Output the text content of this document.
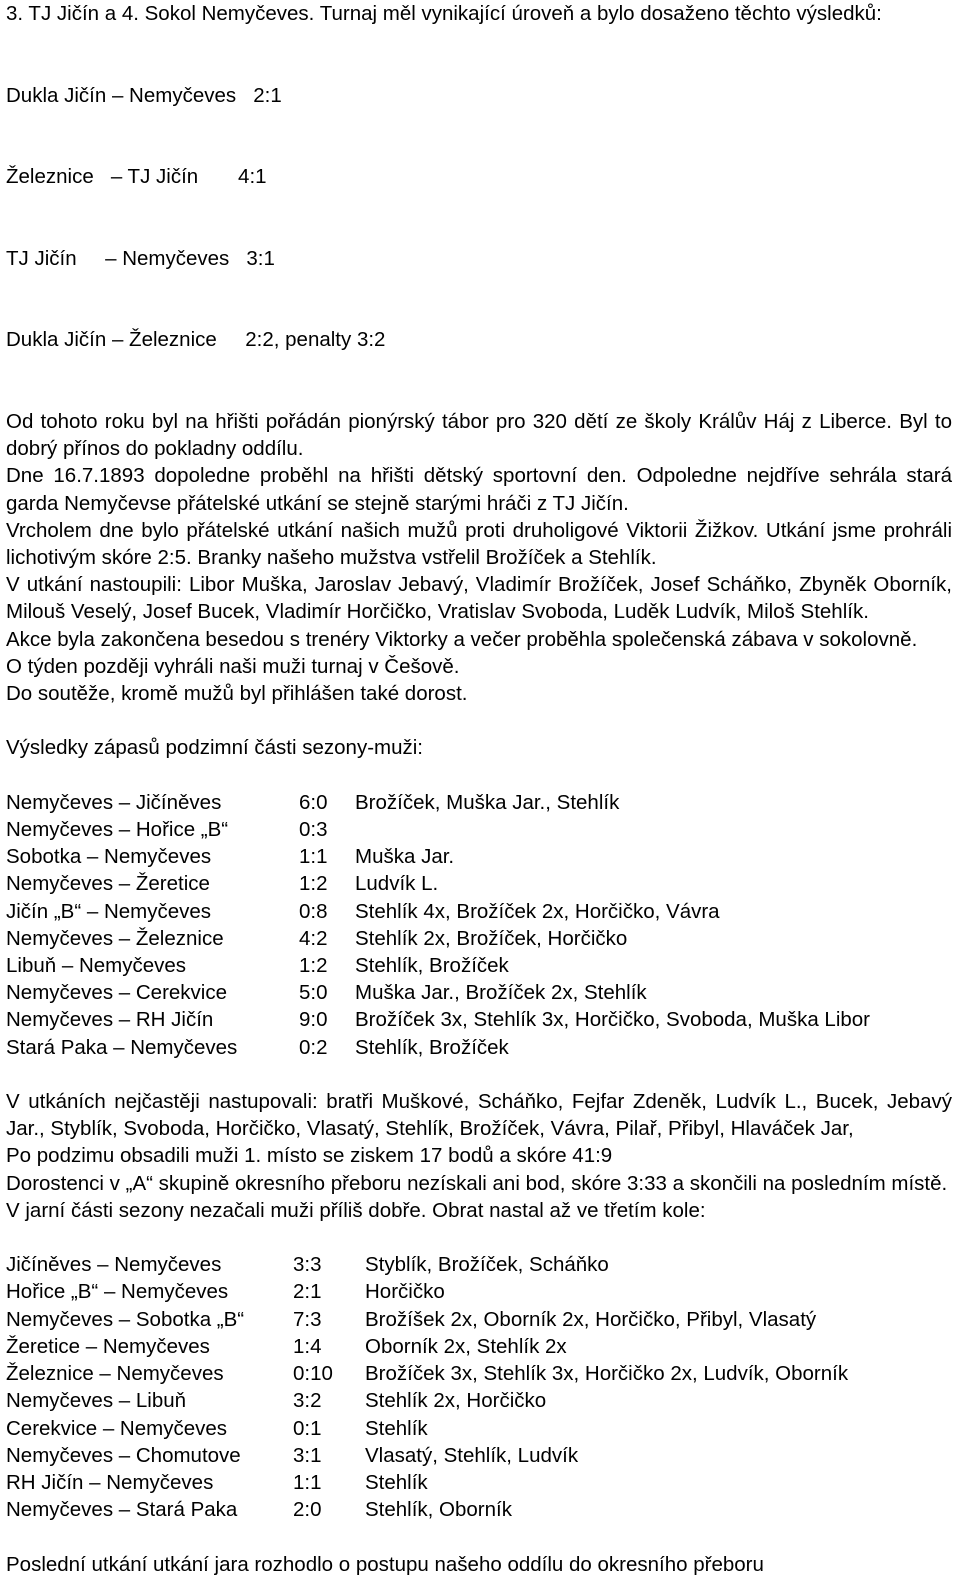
3. TJ Jičín a 4. Sokol Nemyčeves. Turnaj měl vynikající úroveň a bylo dosaženo těchto výsledků:

Dukla Jičín – Nemyčeves   2:1

Železnice   – TJ Jičín       4:1

TJ Jičín     – Nemyčeves   3:1

Dukla Jičín – Železnice     2:2, penalty 3:2

Od tohoto roku byl na hřišti pořádán pionýrský tábor pro 320 dětí ze školy Králův Háj z Liberce. Byl to dobrý přínos do pokladny oddílu.

Dne 16.7.1893 dopoledne proběhl na hřišti dětský sportovní den. Odpoledne nejdříve sehrála stará garda Nemyčevse přátelské utkání se stejně starými hráči z TJ Jičín.

Vrcholem dne bylo přátelské utkání našich mužů proti druholigové Viktorii Žižkov. Utkání jsme prohráli lichotivým skóre 2:5. Branky našeho mužstva vstřelil Brožíček a Stehlík.

V utkání nastoupili: Libor Muška, Jaroslav Jebavý, Vladimír Brožíček, Josef Scháňko, Zbyněk Oborník, Milouš Veselý, Josef Bucek, Vladimír Horčičko, Vratislav Svoboda, Luděk Ludvík, Miloš Stehlík.

Akce byla zakončena besedou s trenéry Viktorky a večer proběhla společenská zábava v sokolovně.

O týden později vyhráli naši muži turnaj v Češově.

Do soutěže, kromě mužů byl přihlášen také dorost.

Výsledky zápasů podzimní části sezony-muži:

Nemyčeves – Jičíněves	6:0	Brožíček, Muška Jar., Stehlík
Nemyčeves – Hořice „B“	0:3	
Sobotka – Nemyčeves	1:1	Muška Jar.
Nemyčeves – Žeretice	1:2	Ludvík L.
Jičín „B“ – Nemyčeves	0:8	Stehlík 4x, Brožíček 2x, Horčičko, Vávra
Nemyčeves – Železnice	4:2	Stehlík 2x, Brožíček, Horčičko
Libuň – Nemyčeves	1:2	Stehlík, Brožíček
Nemyčeves – Cerekvice	5:0	Muška Jar., Brožíček 2x, Stehlík
Nemyčeves – RH Jičín	9:0	Brožíček 3x, Stehlík 3x, Horčičko, Svoboda, Muška Libor
Stará Paka – Nemyčeves	0:2	Stehlík, Brožíček

V utkáních nejčastěji nastupovali: bratři Muškové, Scháňko, Fejfar Zdeněk, Ludvík L., Bucek, Jebavý Jar., Styblík, Svoboda, Horčičko, Vlasatý, Stehlík, Brožíček, Vávra, Pilař, Přibyl, Hlaváček Jar,

Po podzimu obsadili muži 1. místo se ziskem 17 bodů a skóre 41:9

Dorostenci v „A“ skupině okresního přeboru nezískali ani bod, skóre 3:33 a skončili na posledním místě.

V jarní části sezony nezačali muži příliš dobře. Obrat nastal až ve třetím kole:

Jičíněves – Nemyčeves	3:3	Styblík, Brožíček, Scháňko
Hořice „B“ – Nemyčeves	2:1	Horčičko
Nemyčeves – Sobotka „B“	7:3	Brožíšek 2x, Oborník 2x, Horčičko, Přibyl, Vlasatý
Žeretice – Nemyčeves	1:4	Oborník 2x, Stehlík 2x
Železnice – Nemyčeves	0:10	Brožíček 3x, Stehlík 3x, Horčičko 2x, Ludvík, Oborník
Nemyčeves – Libuň	3:2	Stehlík 2x, Horčičko
Cerekvice – Nemyčeves	0:1	Stehlík
Nemyčeves – Chomutove	3:1	Vlasatý, Stehlík, Ludvík
RH Jičín – Nemyčeves	1:1	Stehlík
Nemyčeves – Stará Paka	2:0	Stehlík, Oborník

Poslední utkání utkání jara rozhodlo o postupu našeho oddílu do okresního přeboru
